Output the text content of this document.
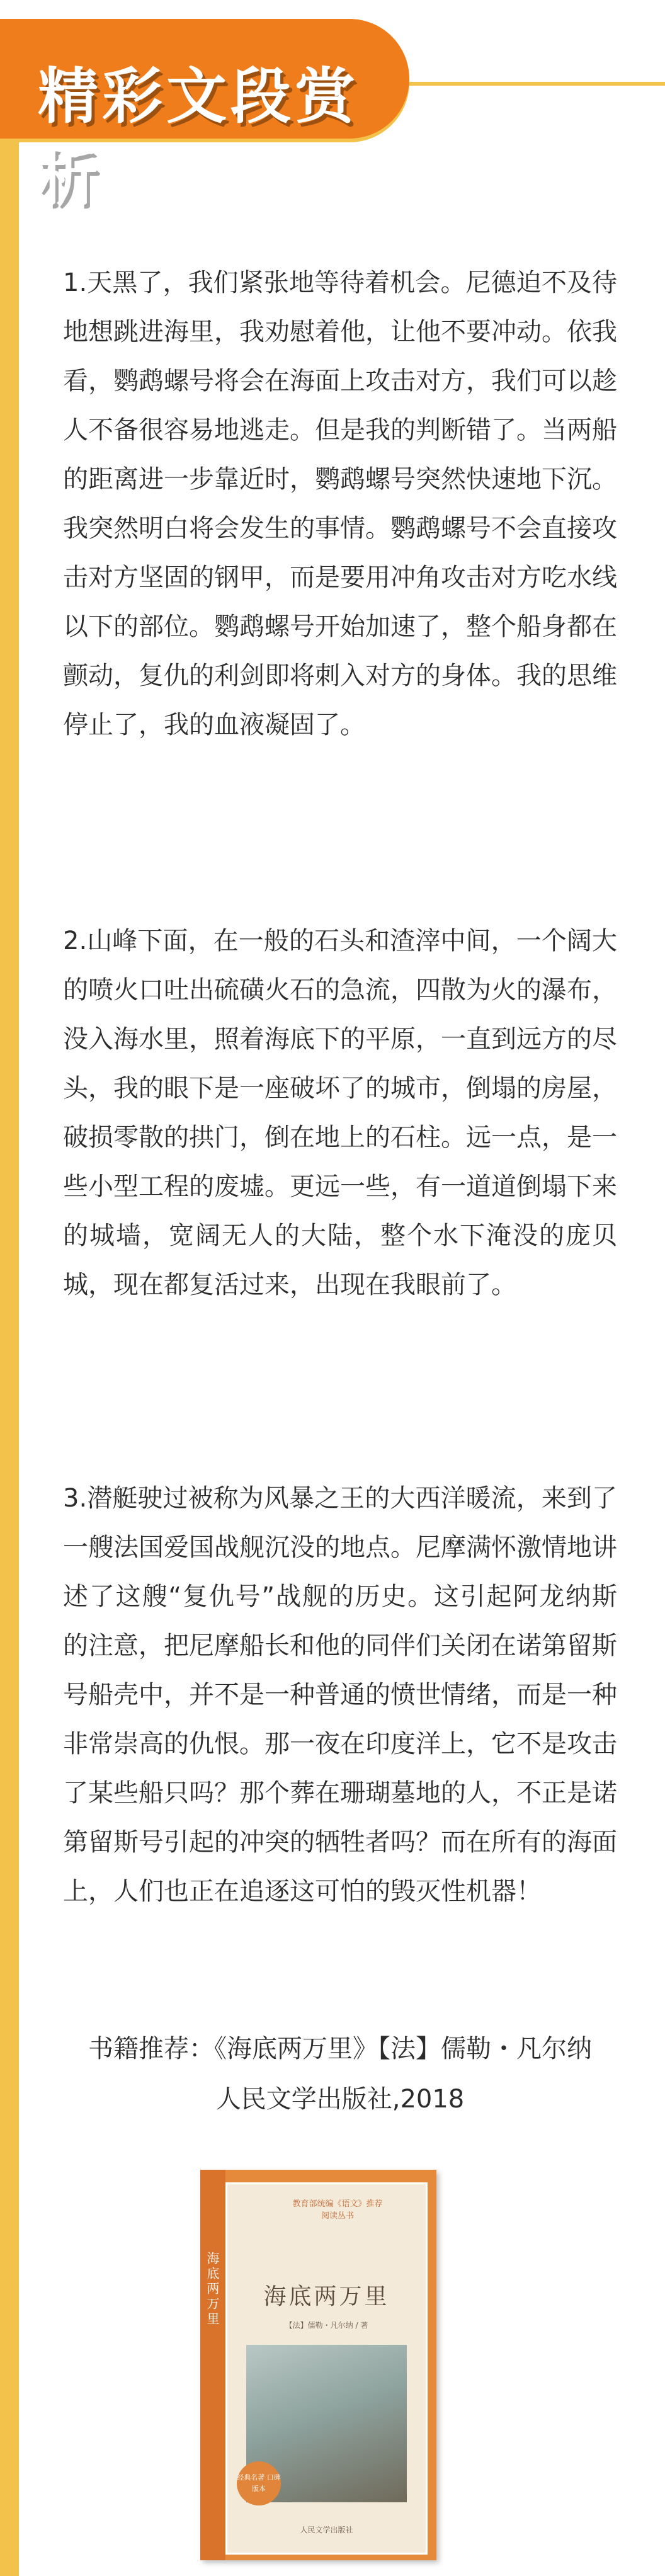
精彩文段赏析

1.天黑了，我们紧张地等待着机会。尼德迫不及待地想跳进海里，我劝慰着他，让他不要冲动。依我看，鹦鹉螺号将会在海面上攻击对方，我们可以趁人不备很容易地逃走。但是我的判断错了。当两船的距离进一步靠近时，鹦鹉螺号突然快速地下沉。我突然明白将会发生的事情。鹦鹉螺号不会直接攻击对方坚固的钢甲，而是要用冲角攻击对方吃水线以下的部位。鹦鹉螺号开始加速了，整个船身都在颤动，复仇的利剑即将刺入对方的身体。我的思维停止了，我的血液凝固了。

2.山峰下面，在一般的石头和渣滓中间，一个阔大的喷火口吐出硫磺火石的急流，四散为火的瀑布，没入海水里，照着海底下的平原，一直到远方的尽头，我的眼下是一座破坏了的城市，倒塌的房屋，破损零散的拱门，倒在地上的石柱。远一点，是一些小型工程的废墟。更远一些，有一道道倒塌下来的城墙，宽阔无人的大陆，整个水下淹没的庞贝城，现在都复活过来，出现在我眼前了。

3.潜艇驶过被称为风暴之王的大西洋暖流，来到了一艘法国爱国战舰沉没的地点。尼摩满怀激情地讲述了这艘“复仇号”战舰的历史。这引起阿龙纳斯的注意，把尼摩船长和他的同伴们关闭在诺第留斯号船壳中，并不是一种普通的愤世情绪，而是一种非常崇高的仇恨。那一夜在印度洋上，它不是攻击了某些船只吗？那个葬在珊瑚墓地的人，不正是诺第留斯号引起的冲突的牺牲者吗？而在所有的海面上，人们也正在追逐这可怕的毁灭性机器！

书籍推荐：《海底两万里》【法】儒勒・凡尔纳
人民文学出版社,2018
海底两万里
教育部统编《语文》推荐阅读丛书
海底两万里
【法】儒勒・凡尔纳 / 著
经典名著 口碑版本
人民文学出版社
